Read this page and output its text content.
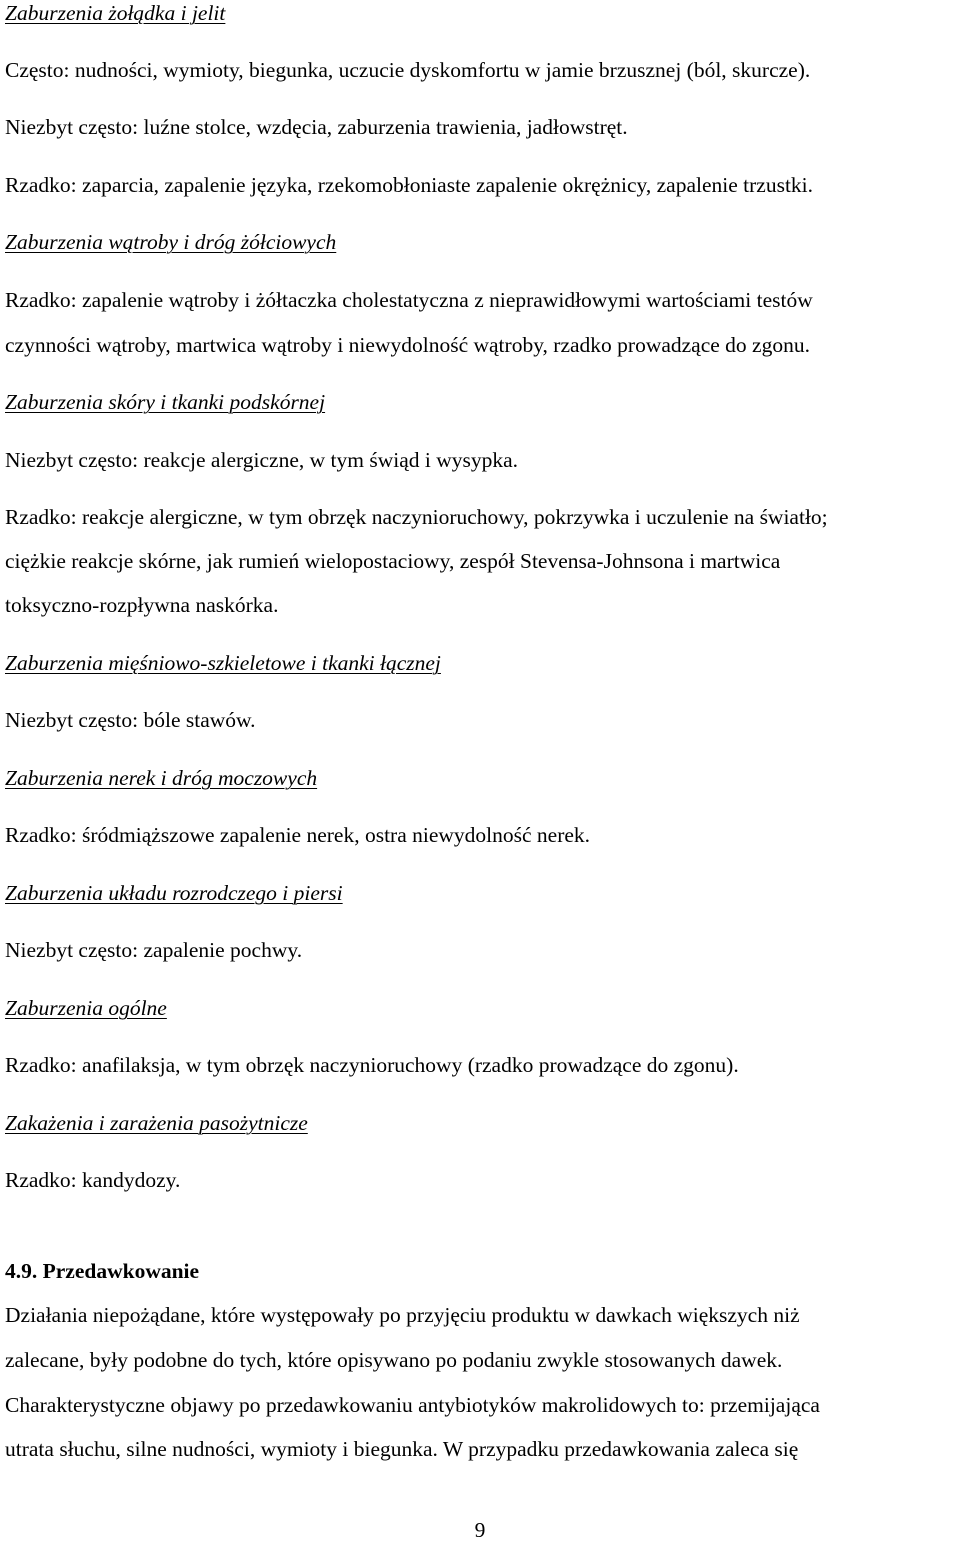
Zaburzenia żołądka i jelit

Często: nudności, wymioty, biegunka, uczucie dyskomfortu w jamie brzusznej (ból, skurcze).

Niezbyt często: luźne stolce, wzdęcia, zaburzenia trawienia, jadłowstręt.

Rzadko: zaparcia, zapalenie języka, rzekomobłoniaste zapalenie okrężnicy, zapalenie trzustki.

Zaburzenia wątroby i dróg żółciowych

Rzadko: zapalenie wątroby i żółtaczka cholestatyczna z nieprawidłowymi wartościami testów

czynności wątroby, martwica wątroby i niewydolność wątroby, rzadko prowadzące do zgonu.

Zaburzenia skóry i tkanki podskórnej

Niezbyt często: reakcje alergiczne, w tym świąd i wysypka.

Rzadko: reakcje alergiczne, w tym obrzęk naczynioruchowy, pokrzywka i uczulenie na światło;

ciężkie reakcje skórne, jak rumień wielopostaciowy, zespół Stevensa-Johnsona i martwica

toksyczno-rozpływna naskórka.

Zaburzenia mięśniowo-szkieletowe i tkanki łącznej

Niezbyt często: bóle stawów.

Zaburzenia nerek i dróg moczowych

Rzadko: śródmiąższowe zapalenie nerek, ostra niewydolność nerek.

Zaburzenia układu rozrodczego i piersi

Niezbyt często: zapalenie pochwy.

Zaburzenia ogólne

Rzadko: anafilaksja, w tym obrzęk naczynioruchowy (rzadko prowadzące do zgonu).

Zakażenia i zarażenia pasożytnicze

Rzadko: kandydozy.

4.9. Przedawkowanie

Działania niepożądane, które występowały po przyjęciu produktu w dawkach większych niż

zalecane, były podobne do tych, które opisywano po podaniu zwykle stosowanych dawek.

Charakterystyczne objawy po przedawkowaniu antybiotyków makrolidowych to: przemijająca

utrata słuchu, silne nudności, wymioty i biegunka. W przypadku przedawkowania zaleca się

9
